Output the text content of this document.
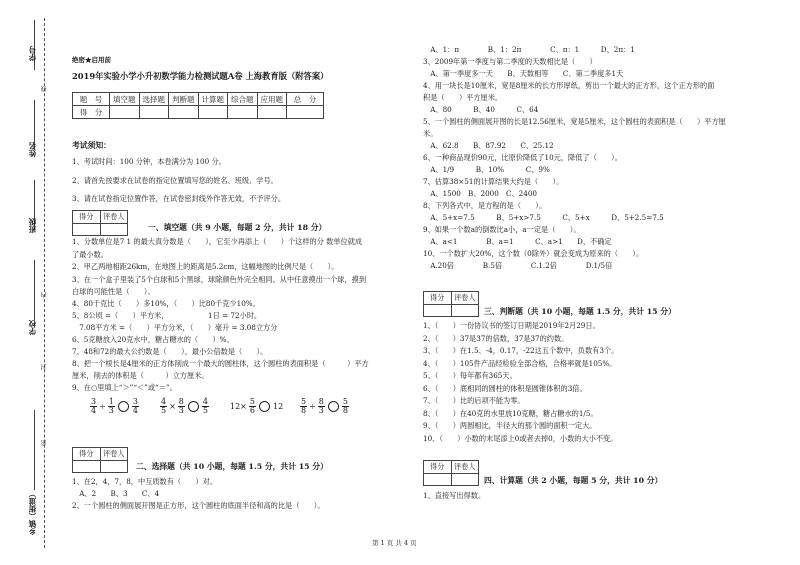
学号
姓名
班级
学校
乡镇（街道）
线
内
封
密
绝密★启用前
2019年实验小学小升初数学能力检测试题A卷 上海教育版（附答案）
题　号	填空题	选择题	判断题	计算题	综合题	应用题	总　分
得　分							
考试须知：
1、考试时间：100 分钟，本卷满分为 100 分。
2、请首先按要求在试卷的指定位置填写您的姓名、班级、学号。
3、请在试卷指定位置作答，在试卷密封线外作答无效，不予评分。
得分	评卷人
一、填空题（共 9 小题，每题 2 分，共计 18 分）
1、分数单位是7 1 的最大真分数是（　　），它至少再添上（　　）个这样的分 数单位就成
了最小数。
2、甲乙两地相距26km，在地图上的距离是5.2cm，这幅地图的比例尺是（　　）。
3、在一个盒子里装了5个白球和5个黑球，球除颜色外完全相同。从中任意摸出一个球，摸到
白球的可能性是（　　）。
4、80千克比（　　）多10%，（　　）比80千克少10%。
5、8公顷 =（　　）平方米，　　　　　　1日 = 72小时。
　7.08平方米 =（　　）平方分米，（　　）毫升 = 3.08立方分
6、5克糖放入20克水中，糖占糖水的（　　）%。
7、48和72的最大公约数是（　　），最小公倍数是（　　）。
8、把一个棱长是4厘米的正方体削成一个最大的圆柱体，这个圆柱的表面积是（　　　）平方
厘米，削去的体积是（　　　）立方厘米。
9、在○里填上“＞”“＜”或“＝”。
$\frac{3}{4} \div \frac{1}{3} \frac{3}{4}$	$\frac{4}{5} \times \frac{8}{3} \frac{4}{5}$	$12\times \frac{5}{6} 12 \frac{5}{8} \div \frac{8}{3} \frac{5}{8}$
得分	评卷人
二、选择题（共 10 小题，每题 1.5 分，共计 15 分）
1、在2，4，7，8，中互质数有（　　）对。
　A、2　　B、3　　C、4
2、一个圆柱的侧面展开图是正方形，这个圆柱的底面半径和高的比是（　　）。
　A、1：π　　　　B、1：2π　　　　C、π：1　　　D、2π：1
3、2009年第一季度与第二季度的天数相比是（　　）
　A、第一季度多一天　　B、天数相等　　C、第二季度多1天
4、用一块长是10厘米，宽是8厘米的长方形厚纸，剪出一个最大的正方形，这个正方形的面
积是（　　）平方厘米。
　A、80　　　B、40　　　C、64
5、一个圆柱的侧面展开图的长是12.56厘米，宽是5厘米，这个圆柱的表面积是（　　）平方厘
米。
　A、62.8　　B、87.92　　C、25.12
6、一种商品现价90元，比原价降低了10元，降低了（　　）。
　A、1/9　　　B、10%　　　C、9%
7、估算38×51的计算结果大约是（　　）。
　A、1500　B、2000　C、2400
8、下列各式中，是方程的是（　　）。
　A、5+x=7.5　　　B、5+x>7.5　　　C、5+x　　　D、5+2.5=7.5
9、如果一个数a的倒数比a小，a一定是（　　）。
　A、a<1　　　　B、a=1　　　C、a>1　　D、不确定
10、一个数扩大20%，这个数（0除外）就会变成为原来的（　　）。
　A.20倍　　　　B.5倍　　　　C.1.2倍　　　　D.1/5倍
得分	评卷人
三、判断题（共 10 小题，每题 1.5 分，共计 15 分）
1、（　　）一份协议书的签订日期是2019年2月29日。
2、（　　）37是37的倍数，37是37的约数。
3、（　　）在1.5、-4，0.17，-22这五个数中，负数有3个。
4、（　　）105件产品经检验全部合格，合格率就是105%。
5、（　　）每年都有365天。
6、（　　）底相同的圆柱的体积是圆锥体积的3倍。
7、（　　）比的后项不能为零。
8、（　　）在40克的水里放10克糖，糖占糖水的1/5。
9、（　　）两圆相比，半径大的那个圆的面积一定大。
10、（　　）小数的末尾添上0或者去掉0，小数的大小不变。
得分	评卷人
四、计算题（共 2 小题，每题 5 分，共计 10 分）
1、直接写出得数。
第 1 页 共 4 页
